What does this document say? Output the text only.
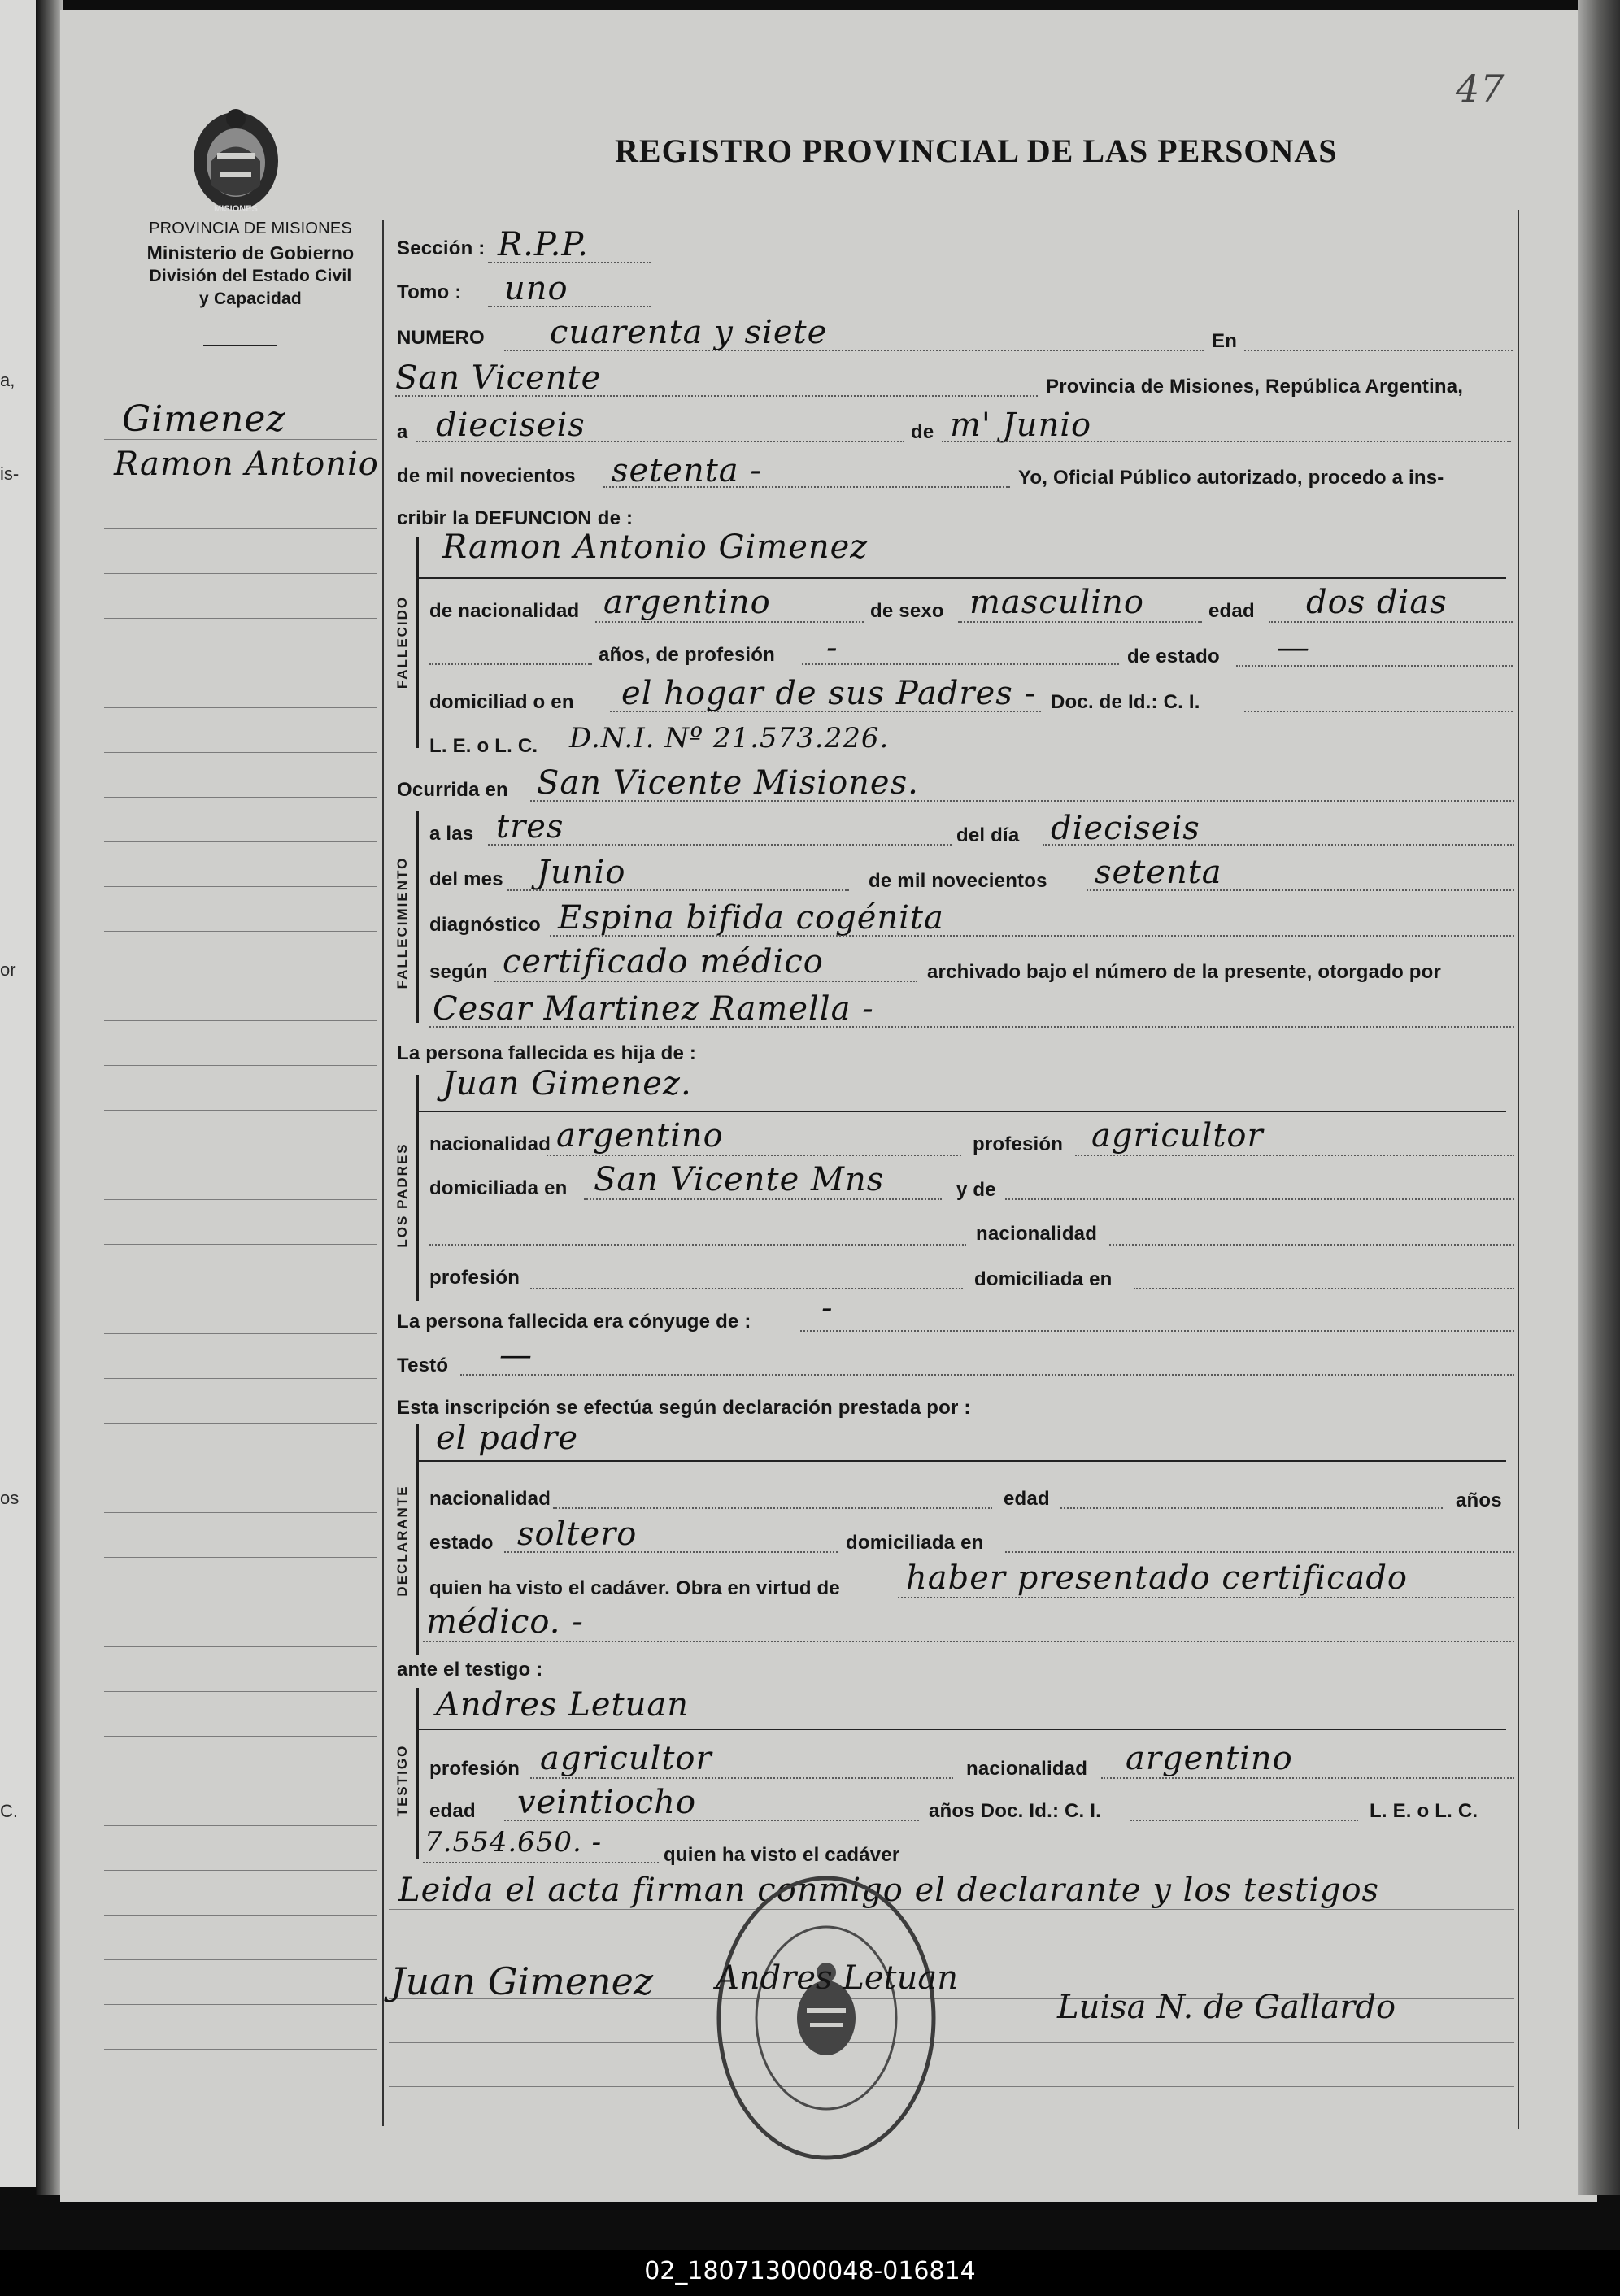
a,
is-
or
os
C.
47
MISIONES
REGISTRO PROVINCIAL DE LAS PERSONAS
PROVINCIA DE MISIONES
Ministerio de Gobierno
División del Estado Civil
y Capacidad
Gimenez
Ramon Antonio
Sección : R.P.P.
Tomo : uno
NUMERO cuarenta y siete	En
San Vicente	Provincia de Misiones, República Argentina,
a dieciseis	de m' Junio
de mil novecientos setenta -	Yo, Oficial Público autorizado, procedo a ins-
cribir la DEFUNCION de :
FALLECIDO
Ramon Antonio Gimenez
de nacionalidad argentino	de sexo masculino	edad dos dias
años, de profesión -	de estado —
domiciliad o en el hogar de sus Padres - Doc. de Id.: C. I.
L. E. o L. C. D.N.I. Nº 21.573.226.
Ocurrida en San Vicente Misiones.
FALLECIMIENTO
a las tres	del día dieciseis
del mes Junio	de mil novecientos setenta
diagnóstico Espina bifida cogénita
según certificado médico	archivado bajo el número de la presente, otorgado por
Cesar Martinez Ramella -
La persona fallecida es hija de :
LOS PADRES
Juan Gimenez.
nacionalidad argentino	profesión agricultor
domiciliada en San Vicente Mns	y de
nacionalidad
profesión	domiciliada en
La persona fallecida era cónyuge de : -
Testó —
Esta inscripción se efectúa según declaración prestada por :
DECLARANTE
el padre
nacionalidad	edad	años
estado soltero	domiciliada en
quien ha visto el cadáver. Obra en virtud de haber presentado certificado
médico. -
ante el testigo :
TESTIGO
Andres Letuan
profesión agricultor	nacionalidad argentino
edad veintiocho	años Doc. Id.: C. I.	L. E. o L. C.
7.554.650. -	quien ha visto el cadáver
Leida el acta firman conmigo el declarante y los testigos
Juan Gimenez Andres Letuan
Luisa N. de Gallardo
02_180713000048-016814
